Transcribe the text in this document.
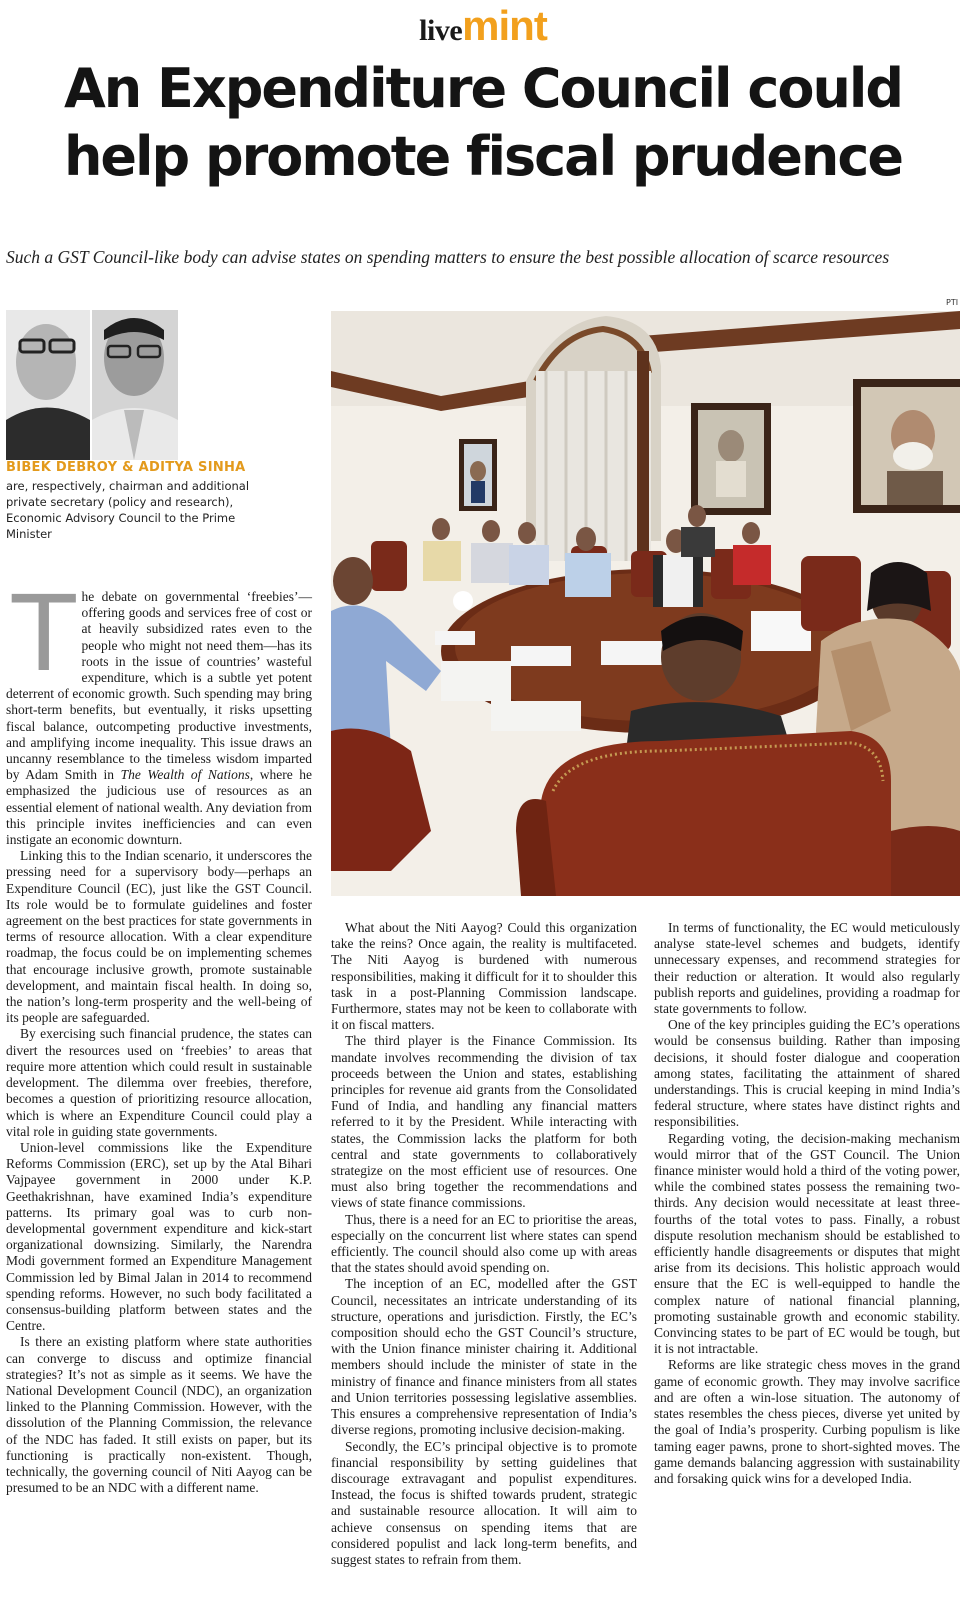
livemint
An Expenditure Council could
help promote fiscal prudence

Such a GST Council-like body can advise states on spending matters to ensure the best possible allocation of scarce resources

BIBEK DEBROY & ADITYA SINHA

are, respectively, chairman and additional private secretary (policy and research), Economic Advisory Council to the Prime Minister

PTI

The debate on governmental ‘freebies’—offering goods and services free of cost or at heavily subsidized rates even to the people who might not need them—has its roots in the issue of countries’ wasteful expenditure, which is a subtle yet potent deterrent of economic growth. Such spending may bring short-term benefits, but eventually, it risks upsetting fiscal balance, outcompeting productive investments, and amplifying income inequality. This issue draws an uncanny resemblance to the timeless wisdom imparted by Adam Smith in The Wealth of Nations, where he emphasized the judicious use of resources as an essential element of national wealth. Any deviation from this principle invites inefficiencies and can even instigate an economic downturn.

Linking this to the Indian scenario, it underscores the pressing need for a supervisory body—perhaps an Expenditure Council (EC), just like the GST Council. Its role would be to formulate guidelines and foster agreement on the best practices for state governments in terms of resource allocation. With a clear expenditure roadmap, the focus could be on implementing schemes that encourage inclusive growth, promote sustainable development, and maintain fiscal health. In doing so, the nation’s long-term prosperity and the well-being of its people are safeguarded.

By exercising such financial prudence, the states can divert the resources used on ‘freebies’ to areas that require more attention which could result in sustainable development. The dilemma over freebies, therefore, becomes a question of prioritizing resource allocation, which is where an Expenditure Council could play a vital role in guiding state governments.

Union-level commissions like the Expenditure Reforms Commission (ERC), set up by the Atal Bihari Vajpayee government in 2000 under K.P. Geethakrishnan, have examined India’s expenditure patterns. Its primary goal was to curb non-developmental government expenditure and kick-start organizational downsizing. Similarly, the Narendra Modi government formed an Expenditure Management Commission led by Bimal Jalan in 2014 to recommend spending reforms. However, no such body facilitated a consensus-building platform between states and the Centre.

Is there an existing platform where state authorities can converge to discuss and optimize financial strategies? It’s not as simple as it seems. We have the National Development Council (NDC), an organization linked to the Planning Commission. However, with the dissolution of the Planning Commission, the relevance of the NDC has faded. It still exists on paper, but its functioning is practically non-existent. Though, technically, the governing council of Niti Aayog can be presumed to be an NDC with a different name.

What about the Niti Aayog? Could this organization take the reins? Once again, the reality is multifaceted. The Niti Aayog is burdened with numerous responsibilities, making it difficult for it to shoulder this task in a post-Planning Commission landscape. Furthermore, states may not be keen to collaborate with it on fiscal matters.

The third player is the Finance Commission. Its mandate involves recommending the division of tax proceeds between the Union and states, establishing principles for revenue aid grants from the Consolidated Fund of India, and handling any financial matters referred to it by the President. While interacting with states, the Commission lacks the platform for both central and state governments to collaboratively strategize on the most efficient use of resources. One must also bring together the recommendations and views of state finance commissions.

Thus, there is a need for an EC to prioritise the areas, especially on the concurrent list where states can spend efficiently. The council should also come up with areas that the states should avoid spending on.

The inception of an EC, modelled after the GST Council, necessitates an intricate understanding of its structure, operations and jurisdiction. Firstly, the EC’s composition should echo the GST Council’s structure, with the Union finance minister chairing it. Additional members should include the minister of state in the ministry of finance and finance ministers from all states and Union territories possessing legislative assemblies. This ensures a comprehensive representation of India’s diverse regions, promoting inclusive decision-making.

Secondly, the EC’s principal objective is to promote financial responsibility by setting guidelines that discourage extravagant and populist expenditures. Instead, the focus is shifted towards prudent, strategic and sustainable resource allocation. It will aim to achieve consensus on spending items that are considered populist and lack long-term benefits, and suggest states to refrain from them.

In terms of functionality, the EC would meticulously analyse state-level schemes and budgets, identify unnecessary expenses, and recommend strategies for their reduction or alteration. It would also regularly publish reports and guidelines, providing a roadmap for state governments to follow.

One of the key principles guiding the EC’s operations would be consensus building. Rather than imposing decisions, it should foster dialogue and cooperation among states, facilitating the attainment of shared understandings. This is crucial keeping in mind India’s federal structure, where states have distinct rights and responsibilities.

Regarding voting, the decision-making mechanism would mirror that of the GST Council. The Union finance minister would hold a third of the voting power, while the combined states possess the remaining two-thirds. Any decision would necessitate at least three-fourths of the total votes to pass. Finally, a robust dispute resolution mechanism should be established to efficiently handle disagreements or disputes that might arise from its decisions. This holistic approach would ensure that the EC is well-equipped to handle the complex nature of national financial planning, promoting sustainable growth and economic stability. Convincing states to be part of EC would be tough, but it is not intractable.

Reforms are like strategic chess moves in the grand game of economic growth. They may involve sacrifice and are often a win-lose situation. The autonomy of states resembles the chess pieces, diverse yet united by the goal of India’s prosperity. Curbing populism is like taming eager pawns, prone to short-sighted moves. The game demands balancing aggression with sustainability and forsaking quick wins for a developed India.
